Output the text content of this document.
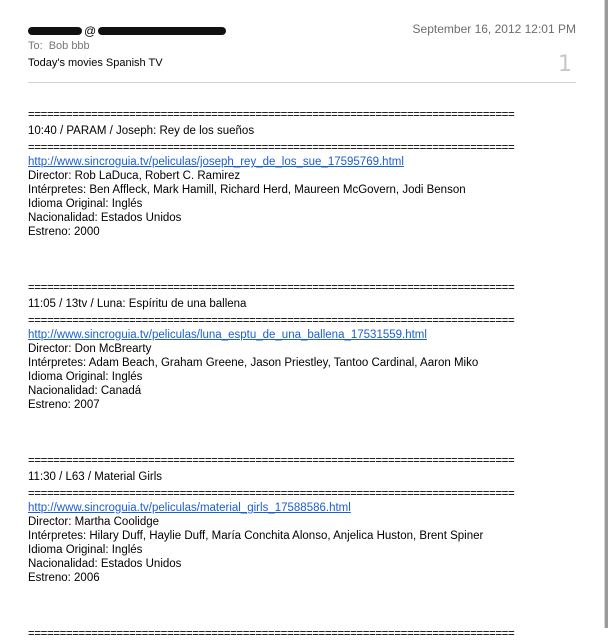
@	September 16, 2012 12:01 PM
To: Bob bbb
Today's movies Spanish TV	1
=============================================================================
10:40 / PARAM / Joseph: Rey de los sueños
=============================================================================
http://www.sincroguia.tv/peliculas/joseph_rey_de_los_sue_17595769.html
Director: Rob LaDuca, Robert C. Ramirez
Intérpretes: Ben Affleck, Mark Hamill, Richard Herd, Maureen McGovern, Jodi Benson
Idioma Original: Inglés
Nacionalidad: Estados Unidos
Estreno: 2000
=============================================================================
11:05 / 13tv / Luna: Espíritu de una ballena
=============================================================================
http://www.sincroguia.tv/peliculas/luna_esptu_de_una_ballena_17531559.html
Director: Don McBrearty
Intérpretes: Adam Beach, Graham Greene, Jason Priestley, Tantoo Cardinal, Aaron Miko
Idioma Original: Inglés
Nacionalidad: Canadá
Estreno: 2007
=============================================================================
11:30 / L63 / Material Girls
=============================================================================
http://www.sincroguia.tv/peliculas/material_girls_17588586.html
Director: Martha Coolidge
Intérpretes: Hilary Duff, Haylie Duff, María Conchita Alonso, Anjelica Huston, Brent Spiner
Idioma Original: Inglés
Nacionalidad: Estados Unidos
Estreno: 2006
=============================================================================
